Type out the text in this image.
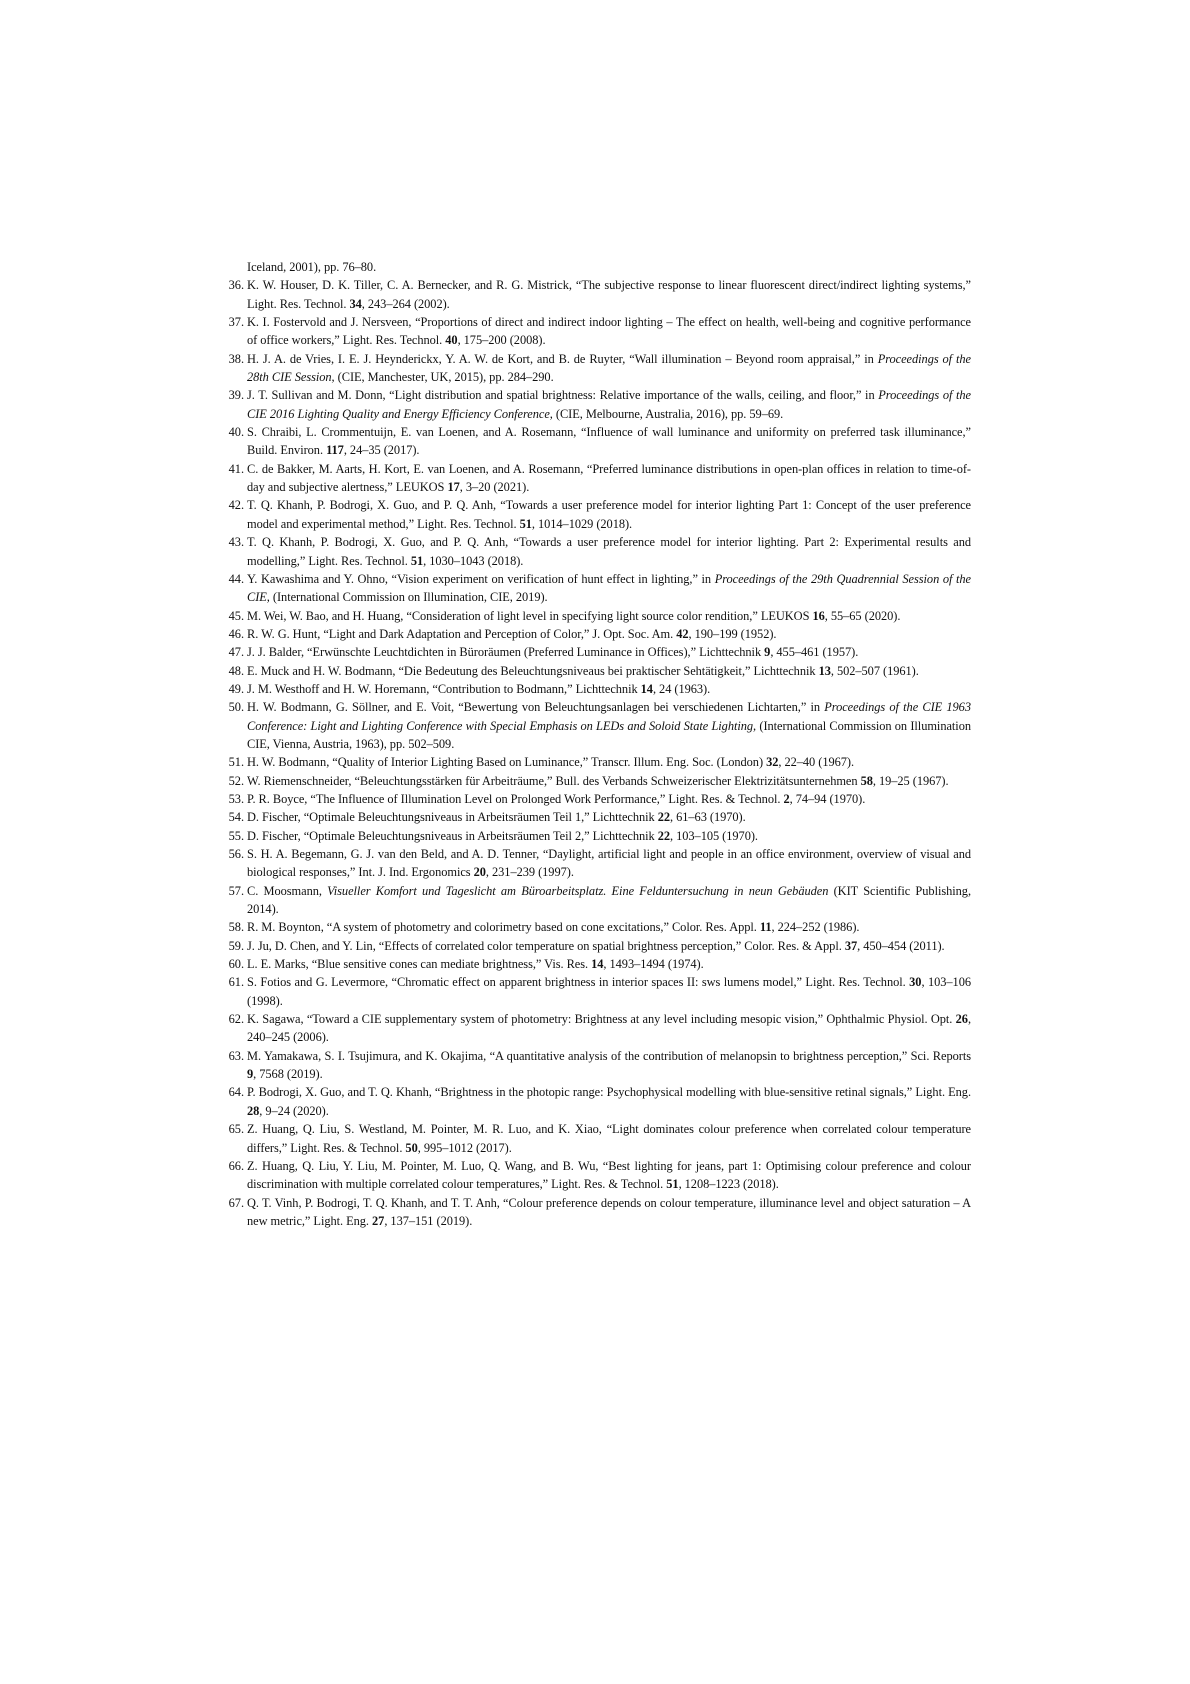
Iceland, 2001), pp. 76–80.

36. K. W. Houser, D. K. Tiller, C. A. Bernecker, and R. G. Mistrick, “The subjective response to linear fluorescent direct/indirect lighting systems,” Light. Res. Technol. 34, 243–264 (2002).
37. K. I. Fostervold and J. Nersveen, “Proportions of direct and indirect indoor lighting – The effect on health, well-being and cognitive performance of office workers,” Light. Res. Technol. 40, 175–200 (2008).
38. H. J. A. de Vries, I. E. J. Heynderickx, Y. A. W. de Kort, and B. de Ruyter, “Wall illumination – Beyond room appraisal,” in Proceedings of the 28th CIE Session, (CIE, Manchester, UK, 2015), pp. 284–290.
39. J. T. Sullivan and M. Donn, “Light distribution and spatial brightness: Relative importance of the walls, ceiling, and floor,” in Proceedings of the CIE 2016 Lighting Quality and Energy Efficiency Conference, (CIE, Melbourne, Australia, 2016), pp. 59–69.
40. S. Chraibi, L. Crommentuijn, E. van Loenen, and A. Rosemann, “Influence of wall luminance and uniformity on preferred task illuminance,” Build. Environ. 117, 24–35 (2017).
41. C. de Bakker, M. Aarts, H. Kort, E. van Loenen, and A. Rosemann, “Preferred luminance distributions in open-plan offices in relation to time-of-day and subjective alertness,” LEUKOS 17, 3–20 (2021).
42. T. Q. Khanh, P. Bodrogi, X. Guo, and P. Q. Anh, “Towards a user preference model for interior lighting Part 1: Concept of the user preference model and experimental method,” Light. Res. Technol. 51, 1014–1029 (2018).
43. T. Q. Khanh, P. Bodrogi, X. Guo, and P. Q. Anh, “Towards a user preference model for interior lighting. Part 2: Experimental results and modelling,” Light. Res. Technol. 51, 1030–1043 (2018).
44. Y. Kawashima and Y. Ohno, “Vision experiment on verification of hunt effect in lighting,” in Proceedings of the 29th Quadrennial Session of the CIE, (International Commission on Illumination, CIE, 2019).
45. M. Wei, W. Bao, and H. Huang, “Consideration of light level in specifying light source color rendition,” LEUKOS 16, 55–65 (2020).
46. R. W. G. Hunt, “Light and Dark Adaptation and Perception of Color,” J. Opt. Soc. Am. 42, 190–199 (1952).
47. J. J. Balder, “Erwünschte Leuchtdichten in Büroräumen (Preferred Luminance in Offices),” Lichttechnik 9, 455–461 (1957).
48. E. Muck and H. W. Bodmann, “Die Bedeutung des Beleuchtungsniveaus bei praktischer Sehtätigkeit,” Lichttechnik 13, 502–507 (1961).
49. J. M. Westhoff and H. W. Horemann, “Contribution to Bodmann,” Lichttechnik 14, 24 (1963).
50. H. W. Bodmann, G. Söllner, and E. Voit, “Bewertung von Beleuchtungsanlagen bei verschiedenen Lichtarten,” in Proceedings of the CIE 1963 Conference: Light and Lighting Conference with Special Emphasis on LEDs and Soloid State Lighting, (International Commission on Illumination CIE, Vienna, Austria, 1963), pp. 502–509.
51. H. W. Bodmann, “Quality of Interior Lighting Based on Luminance,” Transcr. Illum. Eng. Soc. (London) 32, 22–40 (1967).
52. W. Riemenschneider, “Beleuchtungsstärken für Arbeiträume,” Bull. des Verbands Schweizerischer Elektrizitätsunternehmen 58, 19–25 (1967).
53. P. R. Boyce, “The Influence of Illumination Level on Prolonged Work Performance,” Light. Res. & Technol. 2, 74–94 (1970).
54. D. Fischer, “Optimale Beleuchtungsniveaus in Arbeitsräumen Teil 1,” Lichttechnik 22, 61–63 (1970).
55. D. Fischer, “Optimale Beleuchtungsniveaus in Arbeitsräumen Teil 2,” Lichttechnik 22, 103–105 (1970).
56. S. H. A. Begemann, G. J. van den Beld, and A. D. Tenner, “Daylight, artificial light and people in an office environment, overview of visual and biological responses,” Int. J. Ind. Ergonomics 20, 231–239 (1997).
57. C. Moosmann, Visueller Komfort und Tageslicht am Büroarbeitsplatz. Eine Felduntersuchung in neun Gebäuden (KIT Scientific Publishing, 2014).
58. R. M. Boynton, “A system of photometry and colorimetry based on cone excitations,” Color. Res. Appl. 11, 224–252 (1986).
59. J. Ju, D. Chen, and Y. Lin, “Effects of correlated color temperature on spatial brightness perception,” Color. Res. & Appl. 37, 450–454 (2011).
60. L. E. Marks, “Blue sensitive cones can mediate brightness,” Vis. Res. 14, 1493–1494 (1974).
61. S. Fotios and G. Levermore, “Chromatic effect on apparent brightness in interior spaces II: sws lumens model,” Light. Res. Technol. 30, 103–106 (1998).
62. K. Sagawa, “Toward a CIE supplementary system of photometry: Brightness at any level including mesopic vision,” Ophthalmic Physiol. Opt. 26, 240–245 (2006).
63. M. Yamakawa, S. I. Tsujimura, and K. Okajima, “A quantitative analysis of the contribution of melanopsin to brightness perception,” Sci. Reports 9, 7568 (2019).
64. P. Bodrogi, X. Guo, and T. Q. Khanh, “Brightness in the photopic range: Psychophysical modelling with blue-sensitive retinal signals,” Light. Eng. 28, 9–24 (2020).
65. Z. Huang, Q. Liu, S. Westland, M. Pointer, M. R. Luo, and K. Xiao, “Light dominates colour preference when correlated colour temperature differs,” Light. Res. & Technol. 50, 995–1012 (2017).
66. Z. Huang, Q. Liu, Y. Liu, M. Pointer, M. Luo, Q. Wang, and B. Wu, “Best lighting for jeans, part 1: Optimising colour preference and colour discrimination with multiple correlated colour temperatures,” Light. Res. & Technol. 51, 1208–1223 (2018).
67. Q. T. Vinh, P. Bodrogi, T. Q. Khanh, and T. T. Anh, “Colour preference depends on colour temperature, illuminance level and object saturation – A new metric,” Light. Eng. 27, 137–151 (2019).
